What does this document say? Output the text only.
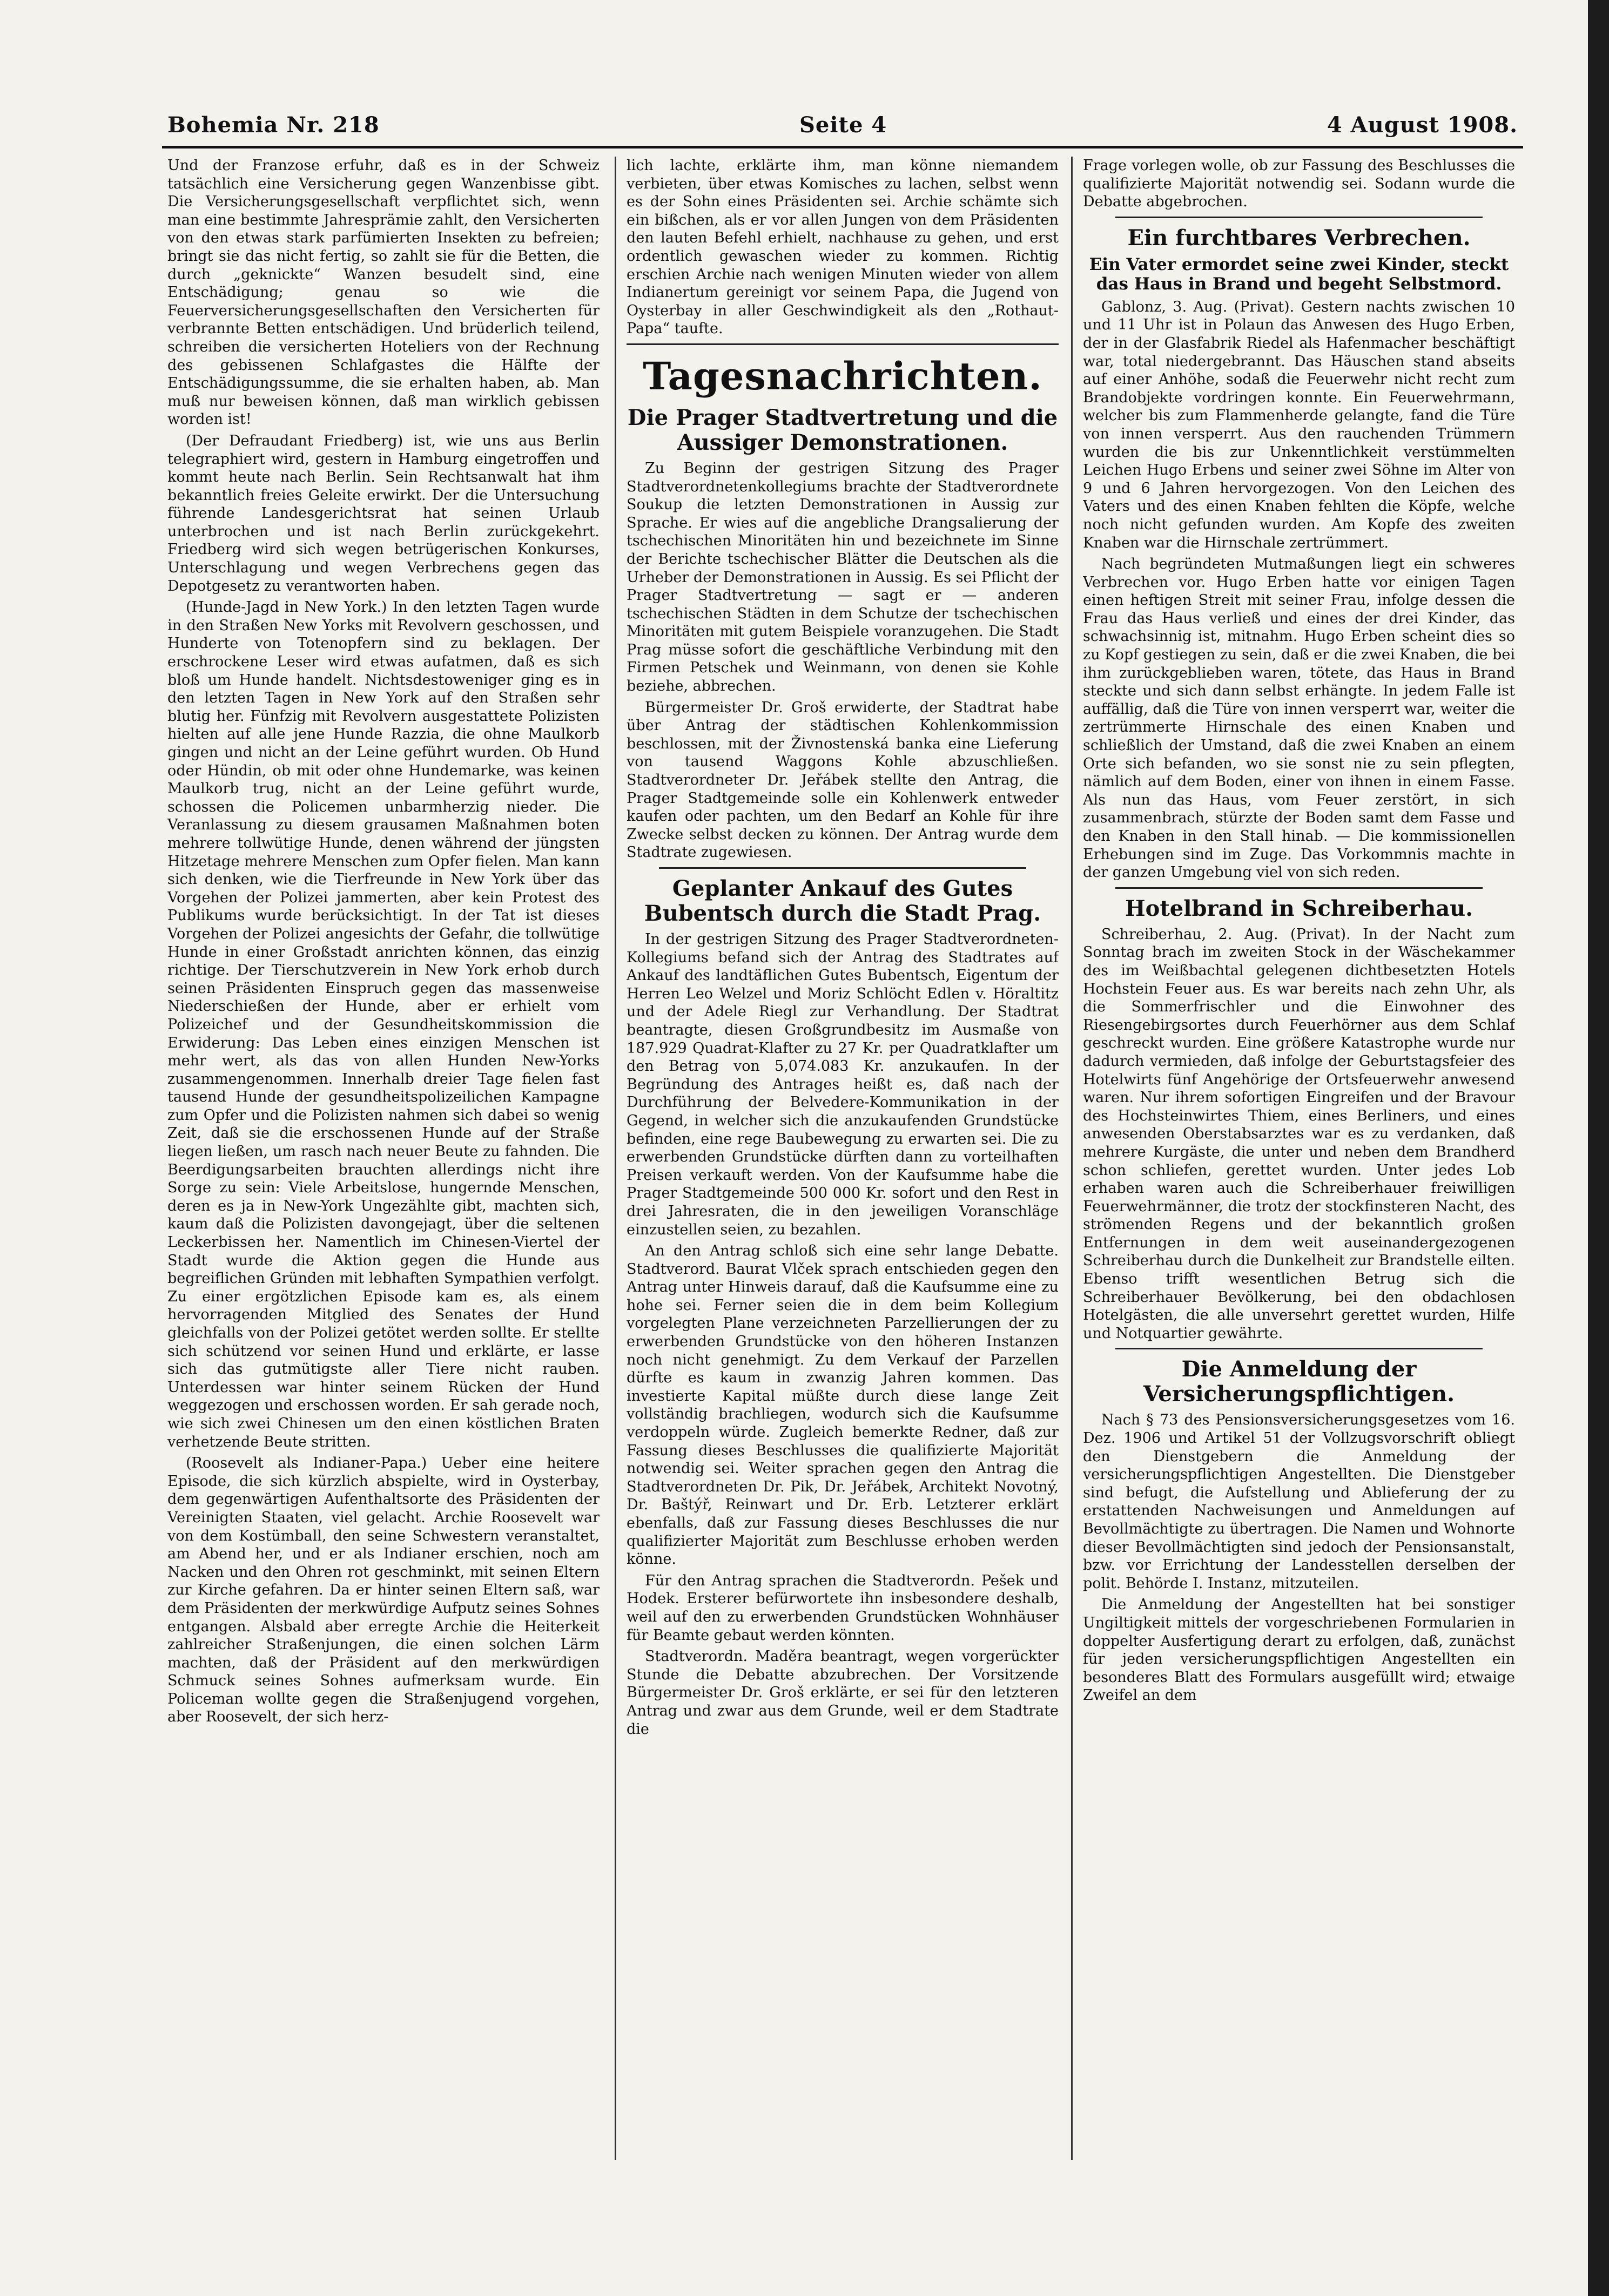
Bohemia Nr. 218	Seite 4	4 August 1908.

Und der Franzose erfuhr, daß es in der Schweiz tatsächlich eine Versicherung gegen Wanzenbisse gibt. Die Versicherungsgesellschaft verpflichtet sich, wenn man eine bestimmte Jahresprämie zahlt, den Versicherten von den etwas stark parfümierten Insekten zu befreien; bringt sie das nicht fertig, so zahlt sie für die Betten, die durch „geknickte“ Wanzen besudelt sind, eine Entschädigung; genau so wie die Feuerversicherungsgesellschaften den Versicherten für verbrannte Betten entschädigen. Und brüderlich teilend, schreiben die versicherten Hoteliers von der Rechnung des gebissenen Schlafgastes die Hälfte der Entschädigungssumme, die sie erhalten haben, ab. Man muß nur beweisen können, daß man wirklich gebissen worden ist!

(Der Defraudant Friedberg) ist, wie uns aus Berlin telegraphiert wird, gestern in Hamburg eingetroffen und kommt heute nach Berlin. Sein Rechtsanwalt hat ihm bekanntlich freies Geleite erwirkt. Der die Untersuchung führende Landesgerichtsrat hat seinen Urlaub unterbrochen und ist nach Berlin zurückgekehrt. Friedberg wird sich wegen betrügerischen Konkurses, Unterschlagung und wegen Verbrechens gegen das Depotgesetz zu verantworten haben.

(Hunde-Jagd in New York.) In den letzten Tagen wurde in den Straßen New Yorks mit Revolvern geschossen, und Hunderte von Totenopfern sind zu beklagen. Der erschrockene Leser wird etwas aufatmen, daß es sich bloß um Hunde handelt. Nichtsdestoweniger ging es in den letzten Tagen in New York auf den Straßen sehr blutig her. Fünfzig mit Revolvern ausgestattete Polizisten hielten auf alle jene Hunde Razzia, die ohne Maulkorb gingen und nicht an der Leine geführt wurden. Ob Hund oder Hündin, ob mit oder ohne Hundemarke, was keinen Maulkorb trug, nicht an der Leine geführt wurde, schossen die Policemen unbarmherzig nieder. Die Veranlassung zu diesem grausamen Maßnahmen boten mehrere tollwütige Hunde, denen während der jüngsten Hitzetage mehrere Menschen zum Opfer fielen. Man kann sich denken, wie die Tierfreunde in New York über das Vorgehen der Polizei jammerten, aber kein Protest des Publikums wurde berücksichtigt. In der Tat ist dieses Vorgehen der Polizei angesichts der Gefahr, die tollwütige Hunde in einer Großstadt anrichten können, das einzig richtige. Der Tierschutzverein in New York erhob durch seinen Präsidenten Einspruch gegen das massenweise Niederschießen der Hunde, aber er erhielt vom Polizeichef und der Gesundheitskommission die Erwiderung: Das Leben eines einzigen Menschen ist mehr wert, als das von allen Hunden New-Yorks zusammengenommen. Innerhalb dreier Tage fielen fast tausend Hunde der gesundheitspolizeilichen Kampagne zum Opfer und die Polizisten nahmen sich dabei so wenig Zeit, daß sie die erschossenen Hunde auf der Straße liegen ließen, um rasch nach neuer Beute zu fahnden. Die Beerdigungsarbeiten brauchten allerdings nicht ihre Sorge zu sein: Viele Arbeitslose, hungernde Menschen, deren es ja in New-York Ungezählte gibt, machten sich, kaum daß die Polizisten davongejagt, über die seltenen Leckerbissen her. Namentlich im Chinesen-Viertel der Stadt wurde die Aktion gegen die Hunde aus begreiflichen Gründen mit lebhaften Sympathien verfolgt. Zu einer ergötzlichen Episode kam es, als einem hervorragenden Mitglied des Senates der Hund gleichfalls von der Polizei getötet werden sollte. Er stellte sich schützend vor seinen Hund und erklärte, er lasse sich das gutmütigste aller Tiere nicht rauben. Unterdessen war hinter seinem Rücken der Hund weggezogen und erschossen worden. Er sah gerade noch, wie sich zwei Chinesen um den einen köstlichen Braten verhetzende Beute stritten.

(Roosevelt als Indianer-Papa.) Ueber eine heitere Episode, die sich kürzlich abspielte, wird in Oysterbay, dem gegenwärtigen Aufenthaltsorte des Präsidenten der Vereinigten Staaten, viel gelacht. Archie Roosevelt war von dem Kostümball, den seine Schwestern veranstaltet, am Abend her, und er als Indianer erschien, noch am Nacken und den Ohren rot geschminkt, mit seinen Eltern zur Kirche gefahren. Da er hinter seinen Eltern saß, war dem Präsidenten der merkwürdige Aufputz seines Sohnes entgangen. Alsbald aber erregte Archie die Heiterkeit zahlreicher Straßenjungen, die einen solchen Lärm machten, daß der Präsident auf den merkwürdigen Schmuck seines Sohnes aufmerksam wurde. Ein Policeman wollte gegen die Straßenjugend vorgehen, aber Roosevelt, der sich herz-

lich lachte, erklärte ihm, man könne niemandem verbieten, über etwas Komisches zu lachen, selbst wenn es der Sohn eines Präsidenten sei. Archie schämte sich ein bißchen, als er vor allen Jungen von dem Präsidenten den lauten Befehl erhielt, nachhause zu gehen, und erst ordentlich gewaschen wieder zu kommen. Richtig erschien Archie nach wenigen Minuten wieder von allem Indianertum gereinigt vor seinem Papa, die Jugend von Oysterbay in aller Geschwindigkeit als den „Rothaut-Papa“ taufte.

Tagesnachrichten.
Die Prager Stadtvertretung und die Aussiger Demonstrationen.

Zu Beginn der gestrigen Sitzung des Prager Stadtverordnetenkollegiums brachte der Stadtverordnete Soukup die letzten Demonstrationen in Aussig zur Sprache. Er wies auf die angebliche Drangsalierung der tschechischen Minoritäten hin und bezeichnete im Sinne der Berichte tschechischer Blätter die Deutschen als die Urheber der Demonstrationen in Aussig. Es sei Pflicht der Prager Stadtvertretung — sagt er — anderen tschechischen Städten in dem Schutze der tschechischen Minoritäten mit gutem Beispiele voranzugehen. Die Stadt Prag müsse sofort die geschäftliche Verbindung mit den Firmen Petschek und Weinmann, von denen sie Kohle beziehe, abbrechen.

Bürgermeister Dr. Groš erwiderte, der Stadtrat habe über Antrag der städtischen Kohlenkommission beschlossen, mit der Živnostenská banka eine Lieferung von tausend Waggons Kohle abzuschließen. Stadtverordneter Dr. Jeřábek stellte den Antrag, die Prager Stadtgemeinde solle ein Kohlenwerk entweder kaufen oder pachten, um den Bedarf an Kohle für ihre Zwecke selbst decken zu können. Der Antrag wurde dem Stadtrate zugewiesen.

Geplanter Ankauf des Gutes Bubentsch durch die Stadt Prag.

In der gestrigen Sitzung des Prager Stadtverordneten-Kollegiums befand sich der Antrag des Stadtrates auf Ankauf des landtäflichen Gutes Bubentsch, Eigentum der Herren Leo Welzel und Moriz Schlöcht Edlen v. Höraltitz und der Adele Riegl zur Verhandlung. Der Stadtrat beantragte, diesen Großgrundbesitz im Ausmaße von 187.929 Quadrat-Klafter zu 27 Kr. per Quadratklafter um den Betrag von 5,074.083 Kr. anzukaufen. In der Begründung des Antrages heißt es, daß nach der Durchführung der Belvedere-Kommunikation in der Gegend, in welcher sich die anzukaufenden Grundstücke befinden, eine rege Baubewegung zu erwarten sei. Die zu erwerbenden Grundstücke dürften dann zu vorteilhaften Preisen verkauft werden. Von der Kaufsumme habe die Prager Stadtgemeinde 500 000 Kr. sofort und den Rest in drei Jahresraten, die in den jeweiligen Voranschläge einzustellen seien, zu bezahlen.

An den Antrag schloß sich eine sehr lange Debatte. Stadtverord. Baurat Vlček sprach entschieden gegen den Antrag unter Hinweis darauf, daß die Kaufsumme eine zu hohe sei. Ferner seien die in dem beim Kollegium vorgelegten Plane verzeichneten Parzellierungen der zu erwerbenden Grundstücke von den höheren Instanzen noch nicht genehmigt. Zu dem Verkauf der Parzellen dürfte es kaum in zwanzig Jahren kommen. Das investierte Kapital müßte durch diese lange Zeit vollständig brachliegen, wodurch sich die Kaufsumme verdoppeln würde. Zugleich bemerkte Redner, daß zur Fassung dieses Beschlusses die qualifizierte Majorität notwendig sei. Weiter sprachen gegen den Antrag die Stadtverordneten Dr. Pik, Dr. Jeřábek, Architekt Novotný, Dr. Baštýř, Reinwart und Dr. Erb. Letzterer erklärt ebenfalls, daß zur Fassung dieses Beschlusses die nur qualifizierter Majorität zum Beschlusse erhoben werden könne.

Für den Antrag sprachen die Stadtverordn. Pešek und Hodek. Ersterer befürwortete ihn insbesondere deshalb, weil auf den zu erwerbenden Grundstücken Wohnhäuser für Beamte gebaut werden könnten.

Stadtverordn. Maděra beantragt, wegen vorgerückter Stunde die Debatte abzubrechen. Der Vorsitzende Bürgermeister Dr. Groš erklärte, er sei für den letzteren Antrag und zwar aus dem Grunde, weil er dem Stadtrate die

Frage vorlegen wolle, ob zur Fassung des Beschlusses die qualifizierte Majorität notwendig sei. Sodann wurde die Debatte abgebrochen.

Ein furchtbares Verbrechen.
Ein Vater ermordet seine zwei Kinder, steckt das Haus in Brand und begeht Selbstmord.

Gablonz, 3. Aug. (Privat). Gestern nachts zwischen 10 und 11 Uhr ist in Polaun das Anwesen des Hugo Erben, der in der Glasfabrik Riedel als Hafenmacher beschäftigt war, total niedergebrannt. Das Häuschen stand abseits auf einer Anhöhe, sodaß die Feuerwehr nicht recht zum Brandobjekte vordringen konnte. Ein Feuerwehrmann, welcher bis zum Flammenherde gelangte, fand die Türe von innen versperrt. Aus den rauchenden Trümmern wurden die bis zur Unkenntlichkeit verstümmelten Leichen Hugo Erbens und seiner zwei Söhne im Alter von 9 und 6 Jahren hervorgezogen. Von den Leichen des Vaters und des einen Knaben fehlten die Köpfe, welche noch nicht gefunden wurden. Am Kopfe des zweiten Knaben war die Hirnschale zertrümmert.

Nach begründeten Mutmaßungen liegt ein schweres Verbrechen vor. Hugo Erben hatte vor einigen Tagen einen heftigen Streit mit seiner Frau, infolge dessen die Frau das Haus verließ und eines der drei Kinder, das schwachsinnig ist, mitnahm. Hugo Erben scheint dies so zu Kopf gestiegen zu sein, daß er die zwei Knaben, die bei ihm zurückgeblieben waren, tötete, das Haus in Brand steckte und sich dann selbst erhängte. In jedem Falle ist auffällig, daß die Türe von innen versperrt war, weiter die zertrümmerte Hirnschale des einen Knaben und schließlich der Umstand, daß die zwei Knaben an einem Orte sich befanden, wo sie sonst nie zu sein pflegten, nämlich auf dem Boden, einer von ihnen in einem Fasse. Als nun das Haus, vom Feuer zerstört, in sich zusammenbrach, stürzte der Boden samt dem Fasse und den Knaben in den Stall hinab. — Die kommissionellen Erhebungen sind im Zuge. Das Vorkommnis machte in der ganzen Umgebung viel von sich reden.

Hotelbrand in Schreiberhau.

Schreiberhau, 2. Aug. (Privat). In der Nacht zum Sonntag brach im zweiten Stock in der Wäschekammer des im Weißbachtal gelegenen dichtbesetzten Hotels Hochstein Feuer aus. Es war bereits nach zehn Uhr, als die Sommerfrischler und die Einwohner des Riesengebirgsortes durch Feuerhörner aus dem Schlaf geschreckt wurden. Eine größere Katastrophe wurde nur dadurch vermieden, daß infolge der Geburtstagsfeier des Hotelwirts fünf Angehörige der Ortsfeuerwehr anwesend waren. Nur ihrem sofortigen Eingreifen und der Bravour des Hochsteinwirtes Thiem, eines Berliners, und eines anwesenden Oberstabsarztes war es zu verdanken, daß mehrere Kurgäste, die unter und neben dem Brandherd schon schliefen, gerettet wurden. Unter jedes Lob erhaben waren auch die Schreiberhauer freiwilligen Feuerwehrmänner, die trotz der stockfinsteren Nacht, des strömenden Regens und der bekanntlich großen Entfernungen in dem weit auseinandergezogenen Schreiberhau durch die Dunkelheit zur Brandstelle eilten. Ebenso trifft wesentlichen Betrug sich die Schreiberhauer Bevölkerung, bei den obdachlosen Hotelgästen, die alle unversehrt gerettet wurden, Hilfe und Notquartier gewährte.

Die Anmeldung der Versicherungspflichtigen.

Nach § 73 des Pensionsversicherungsgesetzes vom 16. Dez. 1906 und Artikel 51 der Vollzugsvorschrift obliegt den Dienstgebern die Anmeldung der versicherungspflichtigen Angestellten. Die Dienstgeber sind befugt, die Aufstellung und Ablieferung der zu erstattenden Nachweisungen und Anmeldungen auf Bevollmächtigte zu übertragen. Die Namen und Wohnorte dieser Bevollmächtigten sind jedoch der Pensionsanstalt, bzw. vor Errichtung der Landesstellen derselben der polit. Behörde I. Instanz, mitzuteilen.

Die Anmeldung der Angestellten hat bei sonstiger Ungiltigkeit mittels der vorgeschriebenen Formularien in doppelter Ausfertigung derart zu erfolgen, daß, zunächst für jeden versicherungspflichtigen Angestellten ein besonderes Blatt des Formulars ausgefüllt wird; etwaige Zweifel an dem
